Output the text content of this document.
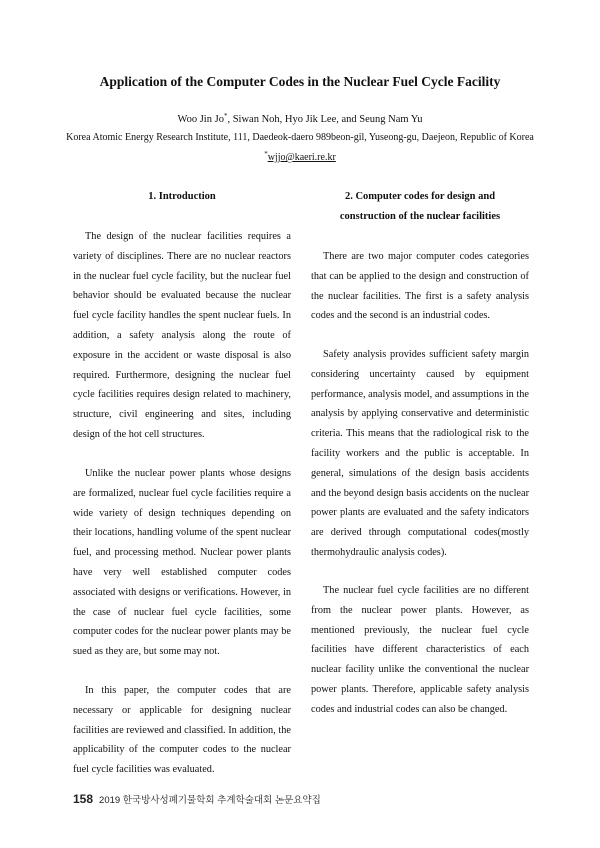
Application of the Computer Codes in the Nuclear Fuel Cycle Facility
Woo Jin Jo*, Siwan Noh, Hyo Jik Lee, and Seung Nam Yu
Korea Atomic Energy Research Institute, 111, Daedeok-daero 989beon-gil, Yuseong-gu, Daejeon, Republic of Korea
*wjjo@kaeri.re.kr
1. Introduction
The design of the nuclear facilities requires a variety of disciplines. There are no nuclear reactors in the nuclear fuel cycle facility, but the nuclear fuel behavior should be evaluated because the nuclear fuel cycle facility handles the spent nuclear fuels. In addition, a safety analysis along the route of exposure in the accident or waste disposal is also required. Furthermore, designing the nuclear fuel cycle facilities requires design related to machinery, structure, civil engineering and sites, including design of the hot cell structures.
Unlike the nuclear power plants whose designs are formalized, nuclear fuel cycle facilities require a wide variety of design techniques depending on their locations, handling volume of the spent nuclear fuel, and processing method. Nuclear power plants have very well established computer codes associated with designs or verifications. However, in the case of nuclear fuel cycle facilities, some computer codes for the nuclear power plants may be sued as they are, but some may not.
In this paper, the computer codes that are necessary or applicable for designing nuclear facilities are reviewed and classified. In addition, the applicability of the computer codes to the nuclear fuel cycle facilities was evaluated.
2. Computer codes for design and
construction of the nuclear facilities
There are two major computer codes categories that can be applied to the design and construction of the nuclear facilities. The first is a safety analysis codes and the second is an industrial codes.
Safety analysis provides sufficient safety margin considering uncertainty caused by equipment performance, analysis model, and assumptions in the analysis by applying conservative and deterministic criteria. This means that the radiological risk to the facility workers and the public is acceptable. In general, simulations of the design basis accidents and the beyond design basis accidents on the nuclear power plants are evaluated and the safety indicators are derived through computational codes(mostly thermohydraulic analysis codes).
The nuclear fuel cycle facilities are no different from the nuclear power plants. However, as mentioned previously, the nuclear fuel cycle facilities have different characteristics of each nuclear facility unlike the conventional the nuclear power plants. Therefore, applicable safety analysis codes and industrial codes can also be changed.
158 2019 한국방사성폐기물학회 추계학술대회 논문요약집
